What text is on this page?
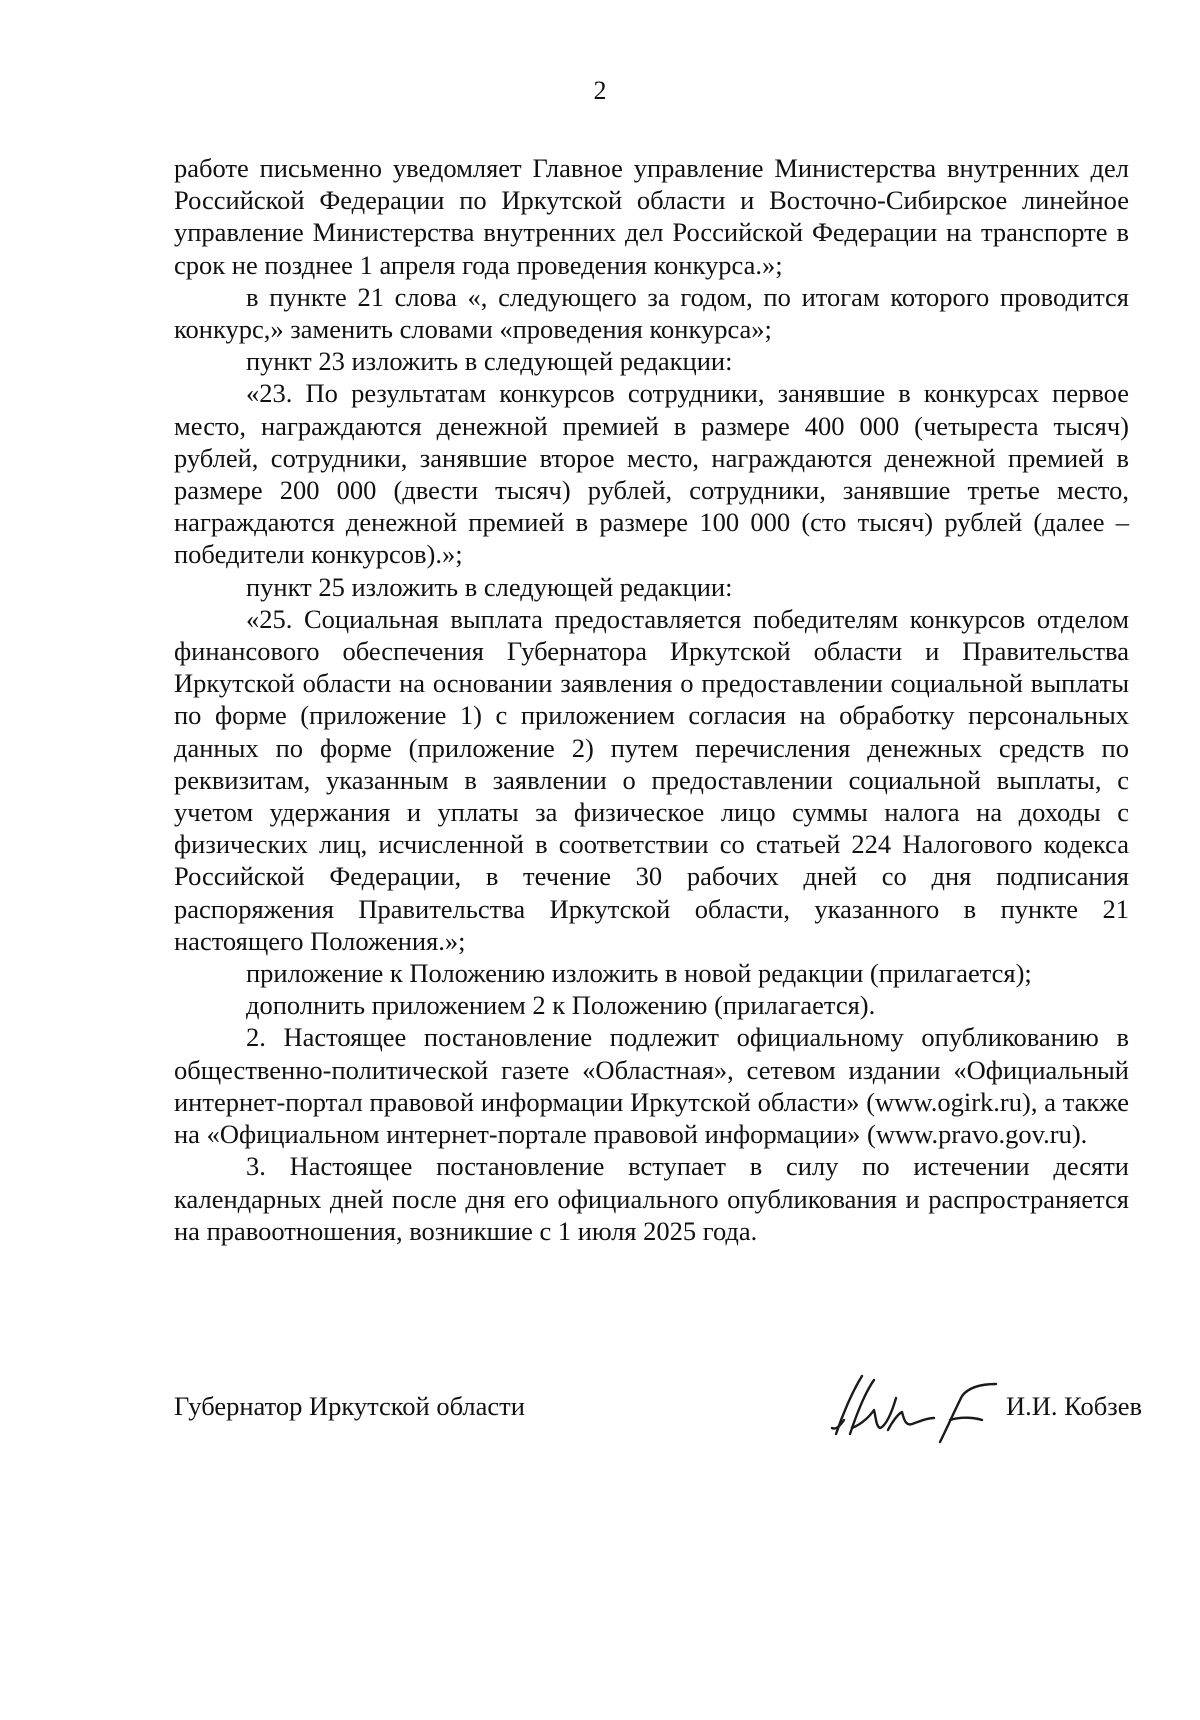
2

работе письменно уведомляет Главное управление Министерства внутренних дел Российской Федерации по Иркутской области и Восточно-Сибирское линейное управление Министерства внутренних дел Российской Федерации на транспорте в срок не позднее 1 апреля года проведения конкурса.»;

в пункте 21 слова «, следующего за годом, по итогам которого проводится конкурс,» заменить словами «проведения конкурса»;

пункт 23 изложить в следующей редакции:

«23. По результатам конкурсов сотрудники, занявшие в конкурсах первое место, награждаются денежной премией в размере 400 000 (четыреста тысяч) рублей, сотрудники, занявшие второе место, награждаются денежной премией в размере 200 000 (двести тысяч) рублей, сотрудники, занявшие третье место, награждаются денежной премией в размере 100 000 (сто тысяч) рублей (далее – победители конкурсов).»;

пункт 25 изложить в следующей редакции:

«25. Социальная выплата предоставляется победителям конкурсов отделом финансового обеспечения Губернатора Иркутской области и Правительства Иркутской области на основании заявления о предоставлении социальной выплаты по форме (приложение 1) с приложением согласия на обработку персональных данных по форме (приложение 2) путем перечисления денежных средств по реквизитам, указанным в заявлении о предоставлении социальной выплаты, с учетом удержания и уплаты за физическое лицо суммы налога на доходы с физических лиц, исчисленной в соответствии со статьей 224 Налогового кодекса Российской Федерации, в течение 30 рабочих дней со дня подписания распоряжения Правительства Иркутской области, указанного в пункте 21 настоящего Положения.»;

приложение к Положению изложить в новой редакции (прилагается);

дополнить приложением 2 к Положению (прилагается).

2. Настоящее постановление подлежит официальному опубликованию в общественно-политической газете «Областная», сетевом издании «Официальный интернет-портал правовой информации Иркутской области» (www.ogirk.ru), а также на «Официальном интернет-портале правовой информации» (www.pravo.gov.ru).

3. Настоящее постановление вступает в силу по истечении десяти календарных дней после дня его официального опубликования и распространяется на правоотношения, возникшие с 1 июля 2025 года.

Губернатор Иркутской области	И.И. Кобзев
